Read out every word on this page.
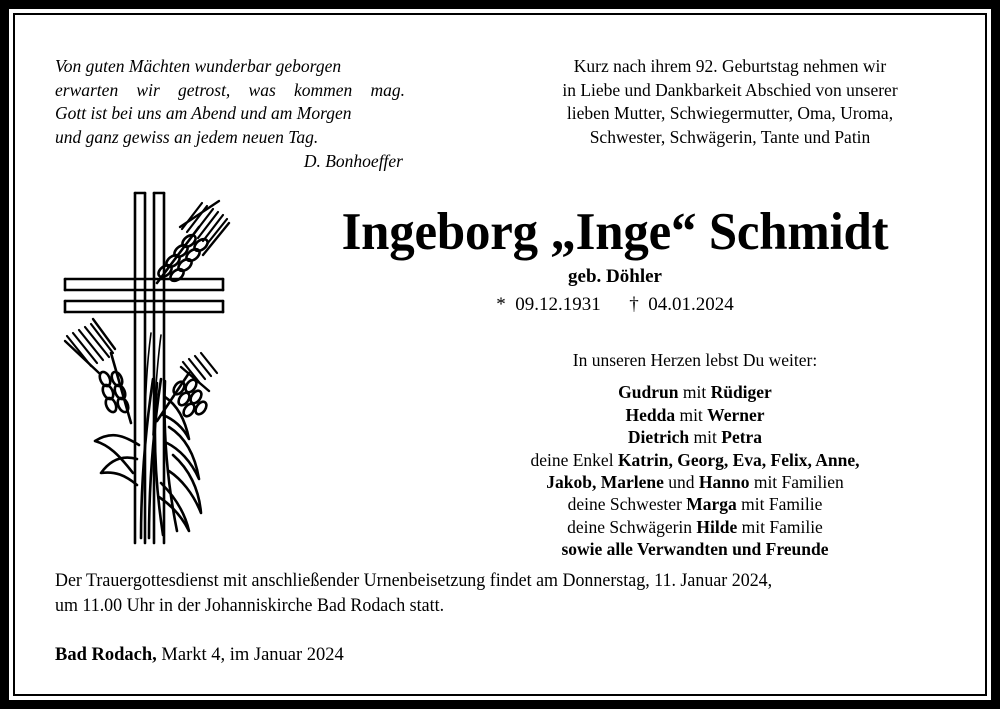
Von guten Mächten wunderbar geborgen
erwarten wir getrost, was kommen mag.
Gott ist bei uns am Abend und am Morgen
und ganz gewiss an jedem neuen Tag.
D. Bonhoeffer
Kurz nach ihrem 92. Geburtstag nehmen wir
in Liebe und Dankbarkeit Abschied von unserer
lieben Mutter, Schwiegermutter, Oma, Uroma,
Schwester, Schwägerin, Tante und Patin
Ingeborg „Inge“ Schmidt
geb. Döhler
*  09.12.1931      †  04.01.2024
In unseren Herzen lebst Du weiter:
Gudrun mit Rüdiger
Hedda mit Werner
Dietrich mit Petra
deine Enkel Katrin, Georg, Eva, Felix, Anne,
Jakob, Marlene und Hanno mit Familien
deine Schwester Marga mit Familie
deine Schwägerin Hilde mit Familie
sowie alle Verwandten und Freunde
Der Trauergottesdienst mit anschließender Urnenbeisetzung findet am Donnerstag, 11. Januar 2024,
um 11.00 Uhr in der Johanniskirche Bad Rodach statt.
Bad Rodach, Markt 4, im Januar 2024
